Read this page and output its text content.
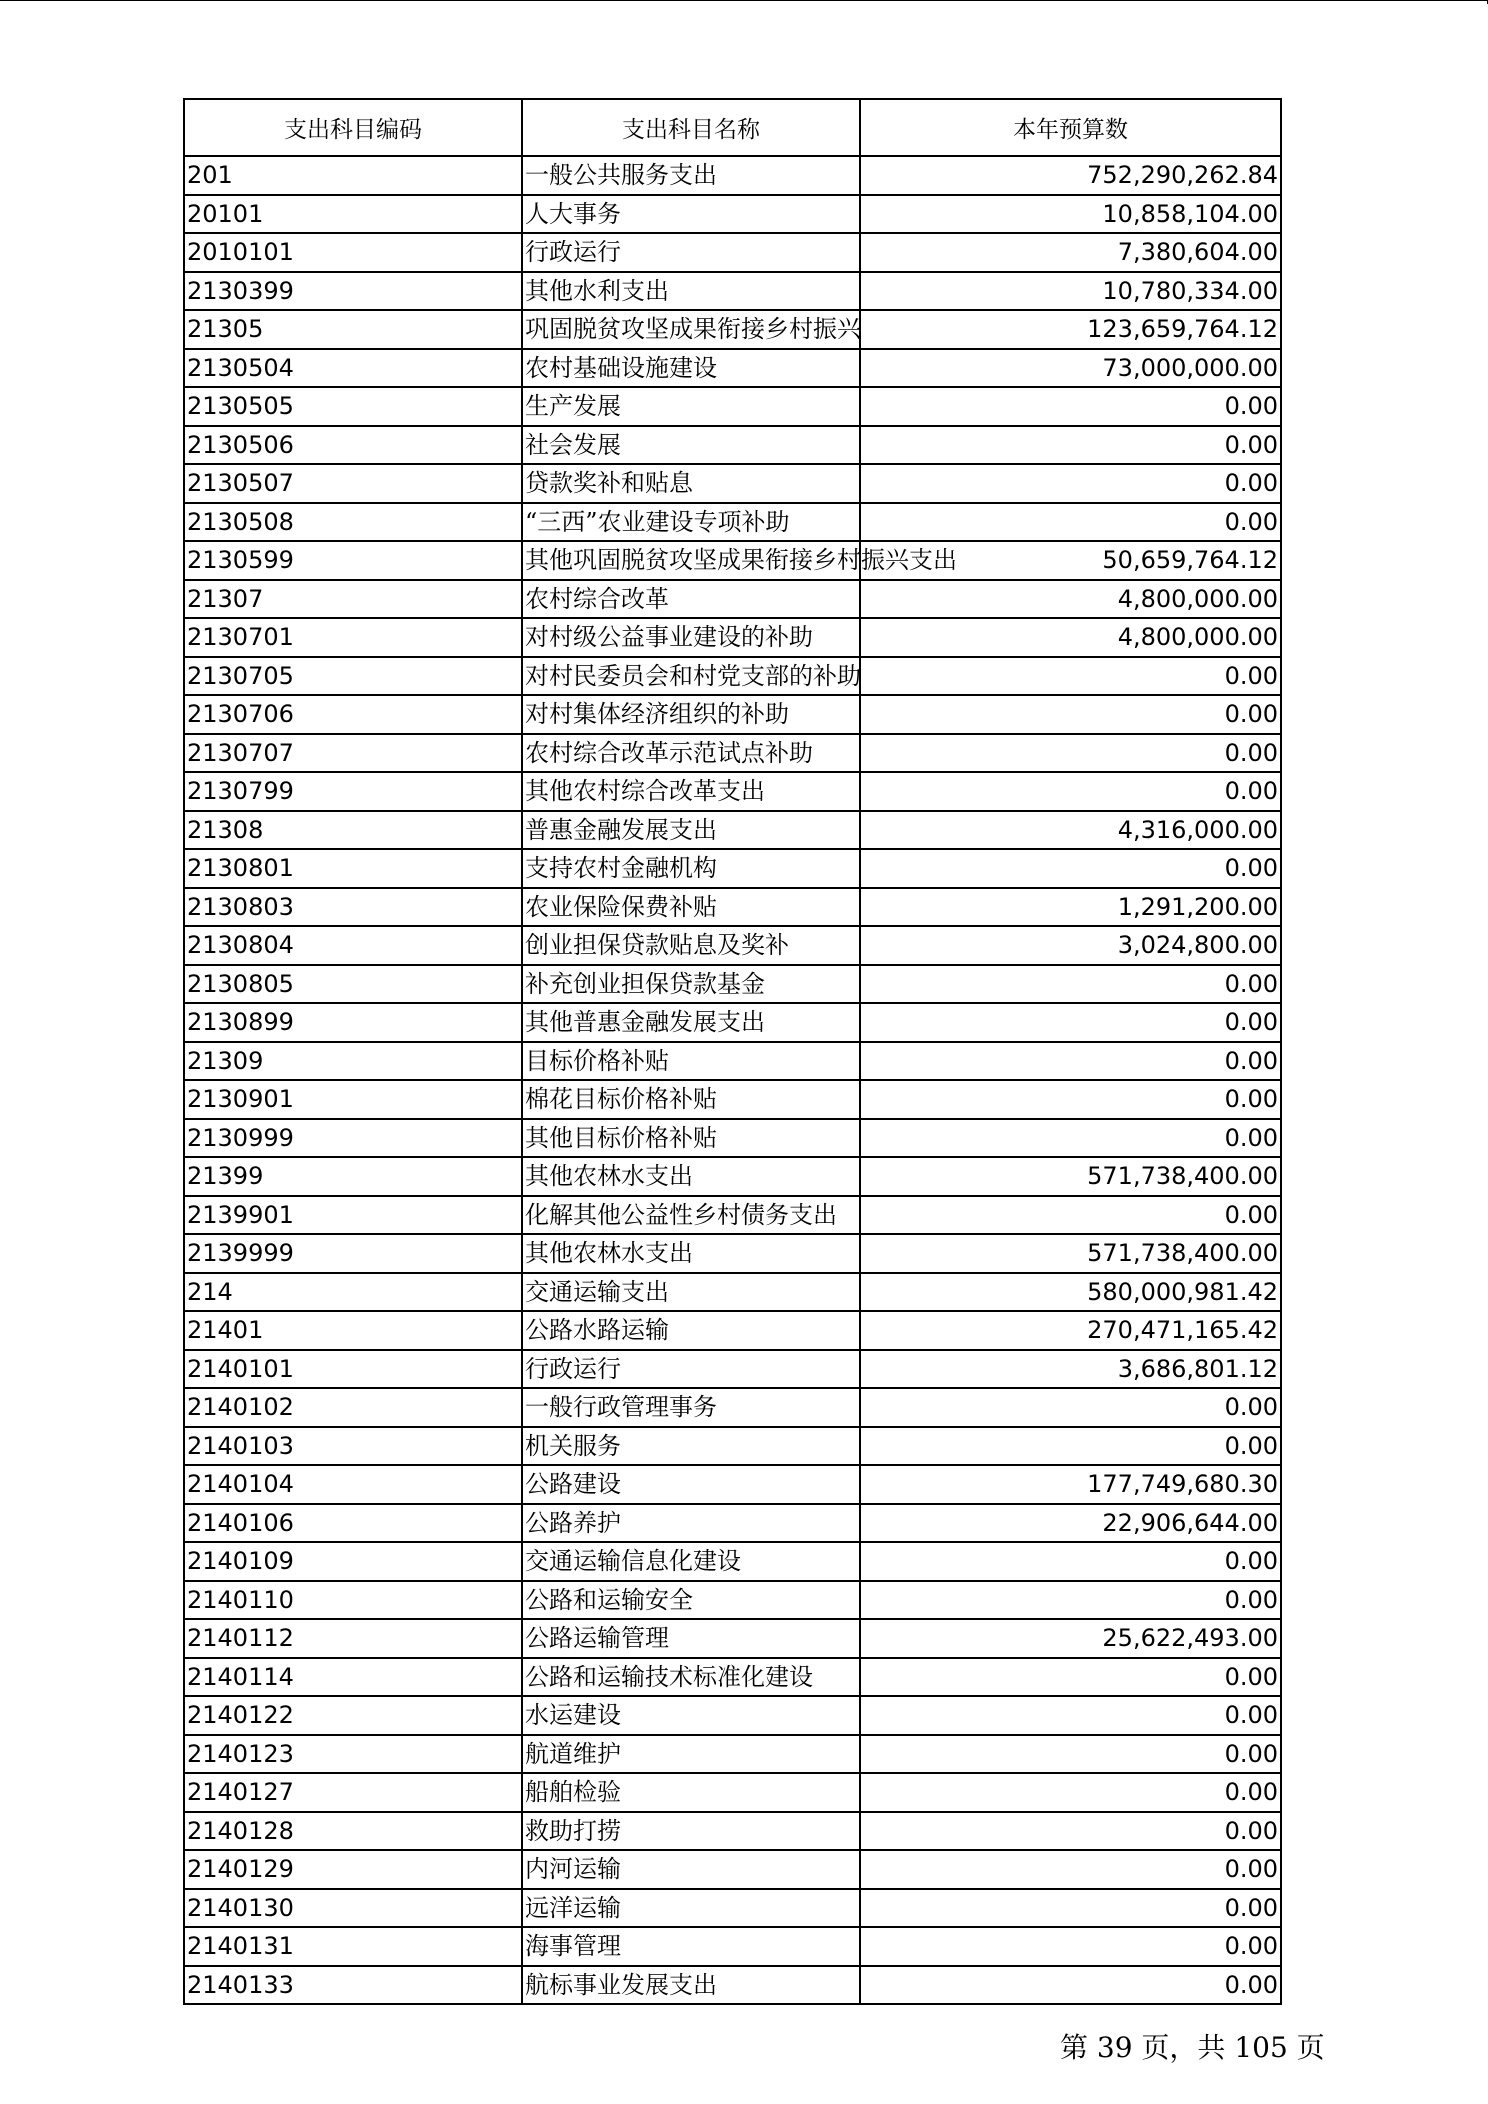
支出科目编码	支出科目名称	本年预算数
201	一般公共服务支出	752,290,262.84
20101	人大事务	10,858,104.00
2010101	行政运行	7,380,604.00
2130399	其他水利支出	10,780,334.00
21305	巩固脱贫攻坚成果衔接乡村振兴	123,659,764.12
2130504	农村基础设施建设	73,000,000.00
2130505	生产发展	0.00
2130506	社会发展	0.00
2130507	贷款奖补和贴息	0.00
2130508	“三西”农业建设专项补助	0.00
2130599	其他巩固脱贫攻坚成果衔接乡村振兴支出	50,659,764.12
21307	农村综合改革	4,800,000.00
2130701	对村级公益事业建设的补助	4,800,000.00
2130705	对村民委员会和村党支部的补助	0.00
2130706	对村集体经济组织的补助	0.00
2130707	农村综合改革示范试点补助	0.00
2130799	其他农村综合改革支出	0.00
21308	普惠金融发展支出	4,316,000.00
2130801	支持农村金融机构	0.00
2130803	农业保险保费补贴	1,291,200.00
2130804	创业担保贷款贴息及奖补	3,024,800.00
2130805	补充创业担保贷款基金	0.00
2130899	其他普惠金融发展支出	0.00
21309	目标价格补贴	0.00
2130901	棉花目标价格补贴	0.00
2130999	其他目标价格补贴	0.00
21399	其他农林水支出	571,738,400.00
2139901	化解其他公益性乡村债务支出	0.00
2139999	其他农林水支出	571,738,400.00
214	交通运输支出	580,000,981.42
21401	公路水路运输	270,471,165.42
2140101	行政运行	3,686,801.12
2140102	一般行政管理事务	0.00
2140103	机关服务	0.00
2140104	公路建设	177,749,680.30
2140106	公路养护	22,906,644.00
2140109	交通运输信息化建设	0.00
2140110	公路和运输安全	0.00
2140112	公路运输管理	25,622,493.00
2140114	公路和运输技术标准化建设	0.00
2140122	水运建设	0.00
2140123	航道维护	0.00
2140127	船舶检验	0.00
2140128	救助打捞	0.00
2140129	内河运输	0.00
2140130	远洋运输	0.00
2140131	海事管理	0.00
2140133	航标事业发展支出	0.00
第 39 页，共 105 页
